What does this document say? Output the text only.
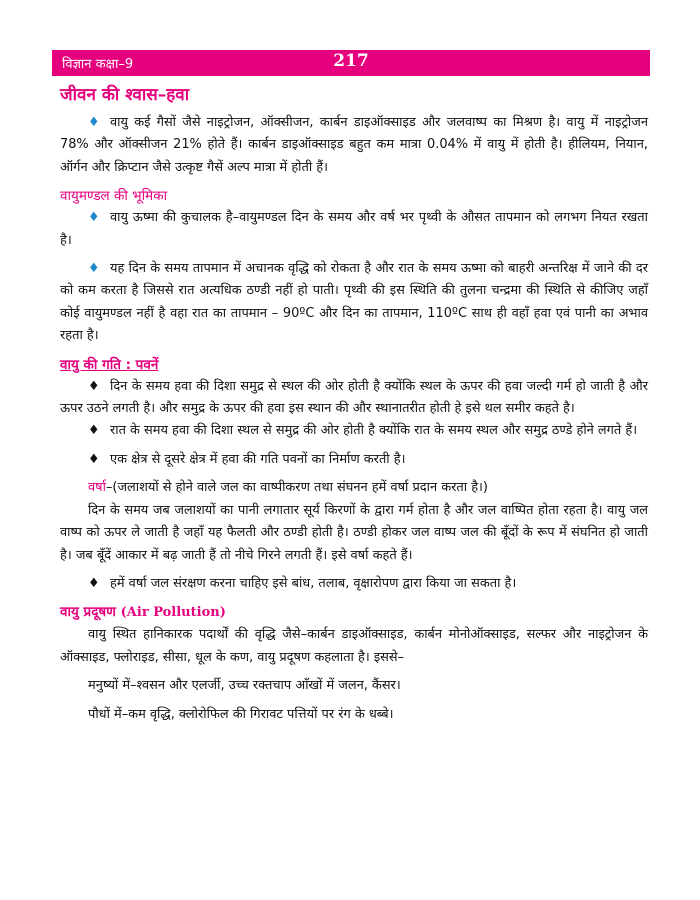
विज्ञान कक्षा–9	217
जीवन की श्वास–हवा

♦ वायु कई गैसों जैसे नाइट्रोजन, ऑक्सीजन, कार्बन डाइऑक्साइड और जलवाष्प का मिश्रण है। वायु में नाइट्रोजन 78% और ऑक्सीजन 21% होते हैं। कार्बन डाइऑक्साइड बहुत कम मात्रा 0.04% में वायु में होती है। हीलियम, नियान, ऑर्गन और क्रिप्टान जैसे उत्कृष्ट गैसें अल्प मात्रा में होती हैं।

वायुमण्डल की भूमिका

♦ वायु ऊष्मा की कुचालक है–वायुमण्डल दिन के समय और वर्ष भर पृथ्वी के औसत तापमान को लगभग नियत रखता है।

♦ यह दिन के समय तापमान में अचानक वृद्धि को रोकता है और रात के समय ऊष्मा को बाहरी अन्तरिक्ष में जाने की दर को कम करता है जिससे रात अत्यधिक ठण्डी नहीं हो पाती। पृथ्वी की इस स्थिति की तुलना चन्द्रमा की स्थिति से कीजिए जहाँ कोई वायुमण्डल नहीं है वहा रात का तापमान – 90ºC और दिन का तापमान, 110ºC साथ ही वहाँ हवा एवं पानी का अभाव रहता है।

वायु की गति : पवनें

♦ दिन के समय हवा की दिशा समुद्र से स्थल की ओर होती है क्योंकि स्थल के ऊपर की हवा जल्दी गर्म हो जाती है और ऊपर उठने लगती है। और समुद्र के ऊपर की हवा इस स्थान की और स्थानातरीत होती हे इसे थल समीर कहते है।

♦ रात के समय हवा की दिशा स्थल से समुद्र की ओर होती है क्योंकि रात के समय स्थल और समुद्र ठण्डे होने लगते हैं।

♦ एक क्षेत्र से दूसरे क्षेत्र में हवा की गति पवनों का निर्माण करती है।

वर्षा–(जलाशयों से होने वाले जल का वाष्पीकरण तथा संघनन हमें वर्षा प्रदान करता है।)

दिन के समय जब जलाशयों का पानी लगातार सूर्य किरणों के द्वारा गर्म होता है और जल वाष्पित होता रहता है। वायु जल वाष्प को ऊपर ले जाती है जहाँ यह फैलती और ठण्डी होती है। ठण्डी होकर जल वाष्प जल की बूँदों के रूप में संघनित हो जाती है। जब बूँदें आकार में बढ़ जाती हैं तो नीचे गिरने लगती हैं। इसे वर्षा कहते हैं।

♦ हमें वर्षा जल संरक्षण करना चाहिए इसे बांध, तलाब, वृक्षारोपण द्वारा किया जा सकता है।

वायु प्रदूषण (Air Pollution)

वायु स्थित हानिकारक पदार्थों की वृद्धि जैसे–कार्बन डाइऑक्साइड, कार्बन मोनोऑक्साइड, सल्फर और नाइट्रोजन के ऑक्साइड, फ्लोराइड, सीसा, धूल के कण, वायु प्रदूषण कहलाता है। इससे–

मनुष्यों में–श्वसन और एलर्जी, उच्च रक्तचाप आँखों में जलन, कैंसर।

पौधों में–कम वृद्धि, क्लोरोफिल की गिरावट पत्तियों पर रंग के धब्बे।
